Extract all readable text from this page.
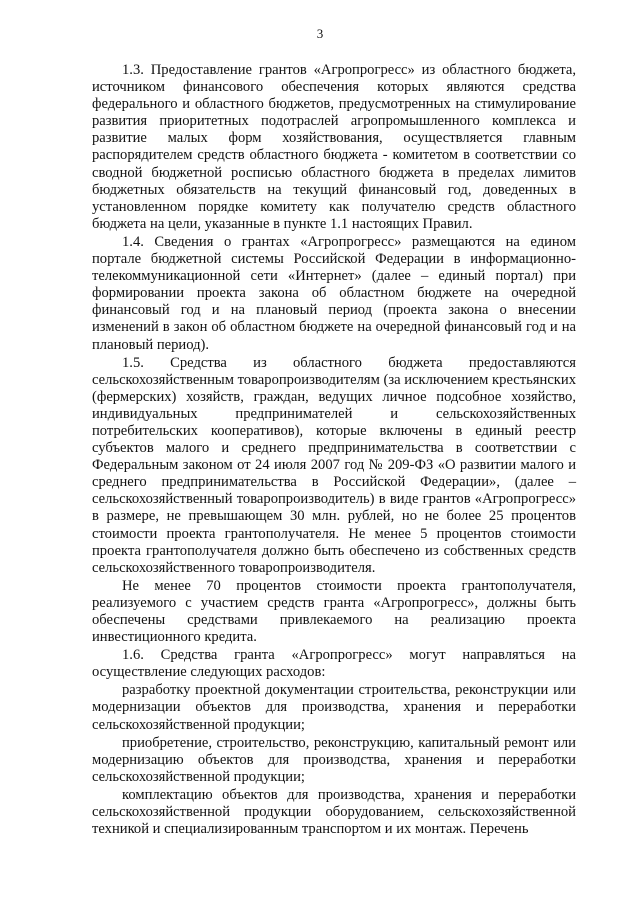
3

1.3. Предоставление грантов «Агропрогресс» из областного бюджета, источником финансового обеспечения которых являются средства федерального и областного бюджетов, предусмотренных на стимулирование развития приоритетных подотраслей агропромышленного комплекса и развитие малых форм хозяйствования, осуществляется главным распорядителем средств областного бюджета - комитетом в соответствии со сводной бюджетной росписью областного бюджета в пределах лимитов бюджетных обязательств на текущий финансовый год, доведенных в установленном порядке комитету как получателю средств областного бюджета на цели, указанные в пункте 1.1 настоящих Правил.

1.4. Сведения о грантах «Агропрогресс» размещаются на едином портале бюджетной системы Российской Федерации в информационно-телекоммуникационной сети «Интернет» (далее – единый портал) при формировании проекта закона об областном бюджете на очередной финансовый год и на плановый период (проекта закона о внесении изменений в закон об областном бюджете на очередной финансовый год и на плановый период).

1.5. Средства из областного бюджета предоставляются сельскохозяйственным товаропроизводителям (за исключением крестьянских (фермерских) хозяйств, граждан, ведущих личное подсобное хозяйство, индивидуальных предпринимателей и сельскохозяйственных потребительских кооперативов), которые включены в единый реестр субъектов малого и среднего предпринимательства в соответствии с Федеральным законом от 24 июля 2007 год № 209-ФЗ «О развитии малого и среднего предпринимательства в Российской Федерации», (далее – сельскохозяйственный товаропроизводитель) в виде грантов «Агропрогресс» в размере, не превышающем 30 млн. рублей, но не более 25 процентов стоимости проекта грантополучателя. Не менее 5 процентов стоимости проекта грантополучателя должно быть обеспечено из собственных средств сельскохозяйственного товаропроизводителя.

Не менее 70 процентов стоимости проекта грантополучателя, реализуемого с участием средств гранта «Агропрогресс», должны быть обеспечены средствами привлекаемого на реализацию проекта инвестиционного кредита.

1.6. Средства гранта «Агропрогресс» могут направляться на осуществление следующих расходов:

разработку проектной документации строительства, реконструкции или модернизации объектов для производства, хранения и переработки сельскохозяйственной продукции;

приобретение, строительство, реконструкцию, капитальный ремонт или модернизацию объектов для производства, хранения и переработки сельскохозяйственной продукции;

комплектацию объектов для производства, хранения и переработки сельскохозяйственной продукции оборудованием, сельскохозяйственной техникой и специализированным транспортом и их монтаж. Перечень
